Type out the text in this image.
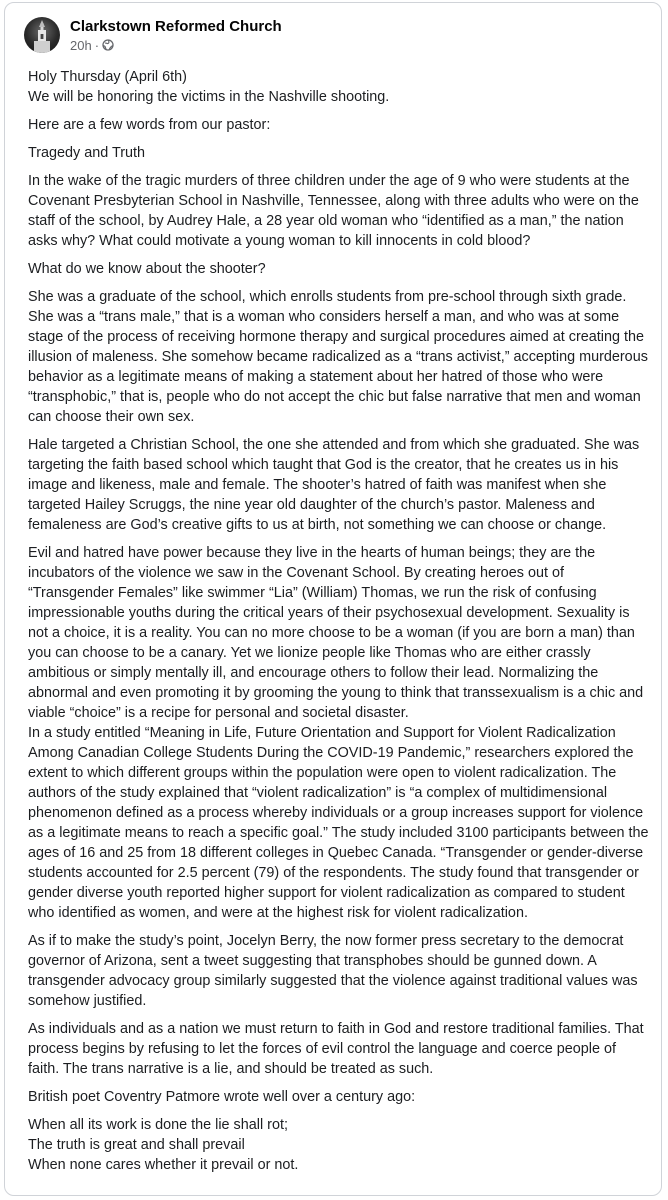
Clarkstown Reformed Church
20h ·

Holy Thursday (April 6th)
We will be honoring the victims in the Nashville shooting.

Here are a few words from our pastor:

Tragedy and Truth

In the wake of the tragic murders of three children under the age of 9 who were students at the Covenant Presbyterian School in Nashville, Tennessee, along with three adults who were on the staff of the school, by Audrey Hale, a 28 year old woman who “identified as a man,” the nation asks why? What could motivate a young woman to kill innocents in cold blood?

What do we know about the shooter?

She was a graduate of the school, which enrolls students from pre-school through sixth grade. She was a “trans male,” that is a woman who considers herself a man, and who was at some stage of the process of receiving hormone therapy and surgical procedures aimed at creating the illusion of maleness. She somehow became radicalized as a “trans activist,” accepting murderous behavior as a legitimate means of making a statement about her hatred of those who were “transphobic,” that is, people who do not accept the chic but false narrative that men and woman can choose their own sex.

Hale targeted a Christian School, the one she attended and from which she graduated. She was targeting the faith based school which taught that God is the creator, that he creates us in his image and likeness, male and female. The shooter’s hatred of faith was manifest when she targeted Hailey Scruggs, the nine year old daughter of the church’s pastor. Maleness and femaleness are God’s creative gifts to us at birth, not something we can choose or change.

Evil and hatred have power because they live in the hearts of human beings; they are the incubators of the violence we saw in the Covenant School. By creating heroes out of “Transgender Females” like swimmer “Lia” (William) Thomas, we run the risk of confusing impressionable youths during the critical years of their psychosexual development. Sexuality is not a choice, it is a reality. You can no more choose to be a woman (if you are born a man) than you can choose to be a canary. Yet we lionize people like Thomas who are either crassly ambitious or simply mentally ill, and encourage others to follow their lead. Normalizing the abnormal and even promoting it by grooming the young to think that transsexualism is a chic and viable “choice” is a recipe for personal and societal disaster.

In a study entitled “Meaning in Life, Future Orientation and Support for Violent Radicalization Among Canadian College Students During the COVID-19 Pandemic,” researchers explored the extent to which different groups within the population were open to violent radicalization. The authors of the study explained that “violent radicalization” is “a complex of multidimensional phenomenon defined as a process whereby individuals or a group increases support for violence as a legitimate means to reach a specific goal.” The study included 3100 participants between the ages of 16 and 25 from 18 different colleges in Quebec Canada. “Transgender or gender-diverse students accounted for 2.5 percent (79) of the respondents. The study found that transgender or gender diverse youth reported higher support for violent radicalization as compared to student who identified as women, and were at the highest risk for violent radicalization.

As if to make the study’s point, Jocelyn Berry, the now former press secretary to the democrat governor of Arizona, sent a tweet suggesting that transphobes should be gunned down. A transgender advocacy group similarly suggested that the violence against traditional values was somehow justified.

As individuals and as a nation we must return to faith in God and restore traditional families. That process begins by refusing to let the forces of evil control the language and coerce people of faith. The trans narrative is a lie, and should be treated as such.

British poet Coventry Patmore wrote well over a century ago:

When all its work is done the lie shall rot;
The truth is great and shall prevail
When none cares whether it prevail or not.
